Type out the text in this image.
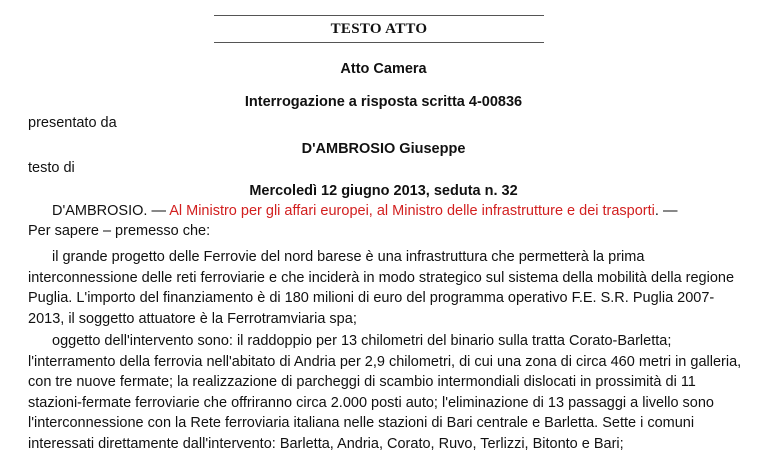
TESTO ATTO
Atto Camera
Interrogazione a risposta scritta 4-00836
presentato da
D'AMBROSIO Giuseppe
testo di
Mercoledì 12 giugno 2013, seduta n. 32
D'AMBROSIO. — Al Ministro per gli affari europei, al Ministro delle infrastrutture e dei trasporti. —
Per sapere – premesso che:
il grande progetto delle Ferrovie del nord barese è una infrastruttura che permetterà la prima interconnessione delle reti ferroviarie e che inciderà in modo strategico sul sistema della mobilità della regione Puglia. L'importo del finanziamento è di 180 milioni di euro del programma operativo F.E. S.R. Puglia 2007-2013, il soggetto attuatore è la Ferrotramviaria spa;
oggetto dell'intervento sono: il raddoppio per 13 chilometri del binario sulla tratta Corato-Barletta; l'interramento della ferrovia nell'abitato di Andria per 2,9 chilometri, di cui una zona di circa 460 metri in galleria, con tre nuove fermate; la realizzazione di parcheggi di scambio intermondiali dislocati in prossimità di 11 stazioni-fermate ferroviarie che offriranno circa 2.000 posti auto; l'eliminazione di 13 passaggi a livello sono l'interconnessione con la Rete ferroviaria italiana nelle stazioni di Bari centrale e Barletta. Sette i comuni interessati direttamente dall'intervento: Barletta, Andria, Corato, Ruvo, Terlizzi, Bitonto e Bari;
